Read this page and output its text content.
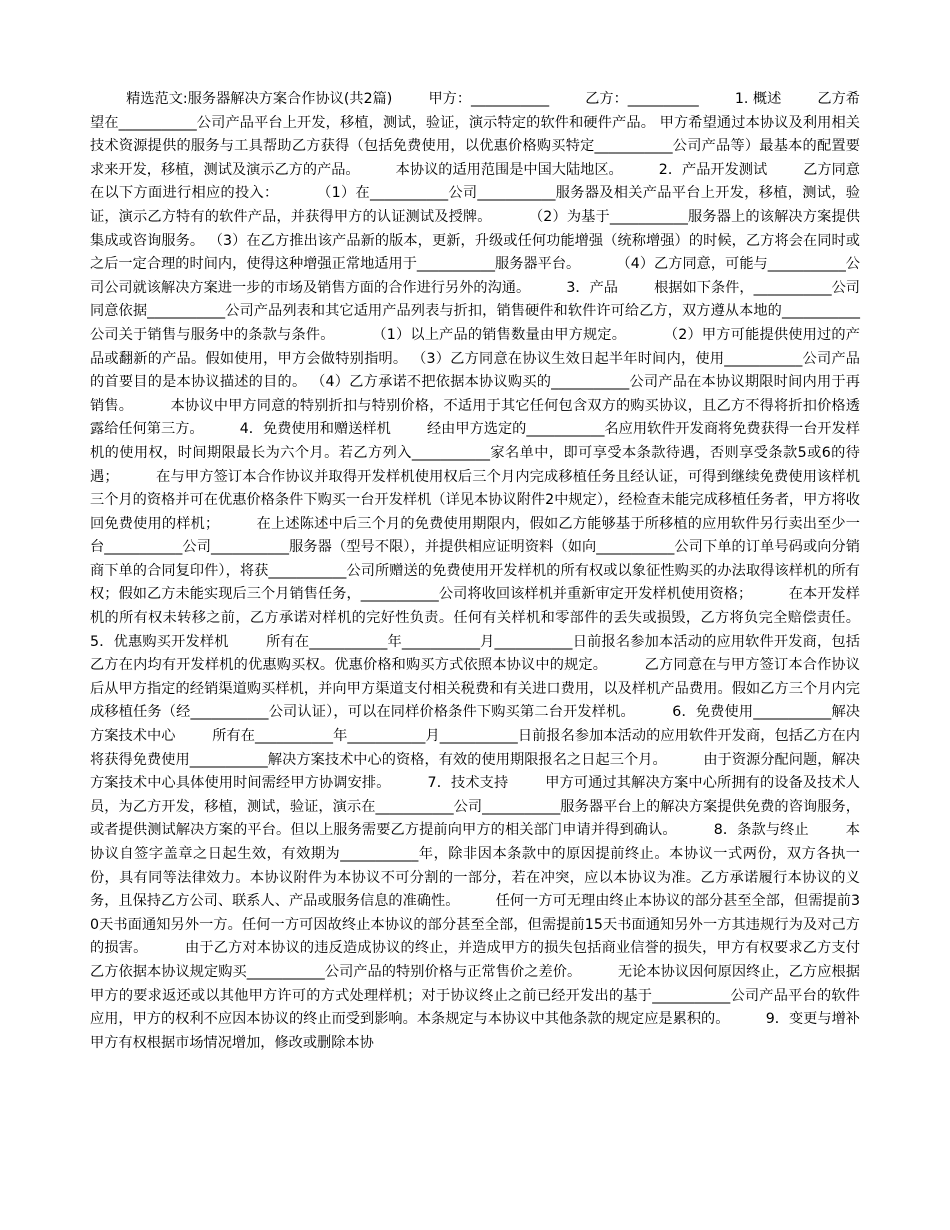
精选范文:服务器解决方案合作协议(共2篇)        甲方：___________        乙方：__________        1. 概述        乙方希望在___________公司产品平台上开发，移植，测试，验证，演示特定的软件和硬件产品。 甲方希望通过本协议及利用相关技术资源提供的服务与工具帮助乙方获得（包括免费使用，以优惠价格购买特定___________公司产品等）最基本的配置要求来开发，移植，测试及演示乙方的产品。        本协议的适用范围是中国大陆地区。        2．产品开发测试        乙方同意在以下方面进行相应的投入：        （1）在___________公司___________服务器及相关产品平台上开发，移植，测试，验证，演示乙方特有的软件产品，并获得甲方的认证测试及授牌。        （2）为基于___________服务器上的该解决方案提供集成或咨询服务。 （3）在乙方推出该产品新的版本，更新，升级或任何功能增强（统称增强）的时候，乙方将会在同时或之后一定合理的时间内，使得这种增强正常地适用于___________服务器平台。        （4）乙方同意，可能与___________公司公司就该解决方案进一步的市场及销售方面的合作进行另外的沟通。        3．产品        根据如下条件，___________公司同意依据___________公司产品列表和其它适用产品列表与折扣，销售硬件和软件许可给乙方，双方遵从本地的___________公司关于销售与服务中的条款与条件。        （1）以上产品的销售数量由甲方规定。        （2）甲方可能提供使用过的产品或翻新的产品。假如使用，甲方会做特别指明。 （3）乙方同意在协议生效日起半年时间内，使用___________公司产品的首要目的是本协议描述的目的。 （4）乙方承诺不把依据本协议购买的___________公司产品在本协议期限时间内用于再销售。        本协议中甲方同意的特别折扣与特别价格，不适用于其它任何包含双方的购买协议，且乙方不得将折扣价格透露给任何第三方。        4．免费使用和赠送样机        经由甲方选定的___________名应用软件开发商将免费获得一台开发样机的使用权，时间期限最长为六个月。若乙方列入___________家名单中，即可享受本条款待遇，否则享受条款5或6的待遇；        在与甲方签订本合作协议并取得开发样机使用权后三个月内完成移植任务且经认证，可得到继续免费使用该样机三个月的资格并可在优惠价格条件下购买一台开发样机（详见本协议附件2中规定），经检查未能完成移植任务者，甲方将收回免费使用的样机；        在上述陈述中后三个月的免费使用期限内，假如乙方能够基于所移植的应用软件另行卖出至少一台___________公司___________服务器（型号不限），并提供相应证明资料（如向___________公司下单的订单号码或向分销商下单的合同复印件），将获___________公司所赠送的免费使用开发样机的所有权或以象征性购买的办法取得该样机的所有权；假如乙方未能实现后三个月销售任务，___________公司将收回该样机并重新审定开发样机使用资格；        在本开发样机的所有权未转移之前，乙方承诺对样机的完好性负责。任何有关样机和零部件的丢失或损毁，乙方将负完全赔偿责任。        5．优惠购买开发样机        所有在___________年___________月___________日前报名参加本活动的应用软件开发商，包括乙方在内均有开发样机的优惠购买权。优惠价格和购买方式依照本协议中的规定。        乙方同意在与甲方签订本合作协议后从甲方指定的经销渠道购买样机，并向甲方渠道支付相关税费和有关进口费用，以及样机产品费用。假如乙方三个月内完成移植任务（经___________公司认证），可以在同样价格条件下购买第二台开发样机。        6．免费使用___________解决方案技术中心        所有在___________年___________月___________日前报名参加本活动的应用软件开发商，包括乙方在内将获得免费使用___________解决方案技术中心的资格，有效的使用期限报名之日起三个月。        由于资源分配问题，解决方案技术中心具体使用时间需经甲方协调安排。        7．技术支持        甲方可通过其解决方案中心所拥有的设备及技术人员，为乙方开发，移植，测试，验证，演示在___________公司___________服务器平台上的解决方案提供免费的咨询服务，或者提供测试解决方案的平台。但以上服务需要乙方提前向甲方的相关部门申请并得到确认。        8．条款与终止        本协议自签字盖章之日起生效，有效期为___________年，除非因本条款中的原因提前终止。本协议一式两份，双方各执一份，具有同等法律效力。本协议附件为本协议不可分割的一部分，若在冲突，应以本协议为准。乙方承诺履行本协议的义务，且保持乙方公司、联系人、产品或服务信息的准确性。        任何一方可无理由终止本协议的部分甚至全部，但需提前30天书面通知另外一方。任何一方可因故终止本协议的部分甚至全部，但需提前15天书面通知另外一方其违规行为及对己方的损害。        由于乙方对本协议的违反造成协议的终止，并造成甲方的损失包括商业信誉的损失，甲方有权要求乙方支付乙方依据本协议规定购买___________公司产品的特别价格与正常售价之差价。        无论本协议因何原因终止，乙方应根据甲方的要求返还或以其他甲方许可的方式处理样机；对于协议终止之前已经开发出的基于___________公司产品平台的软件应用，甲方的权利不应因本协议的终止而受到影响。本条规定与本协议中其他条款的规定应是累积的。        9．变更与增补        甲方有权根据市场情况增加，修改或删除本协
